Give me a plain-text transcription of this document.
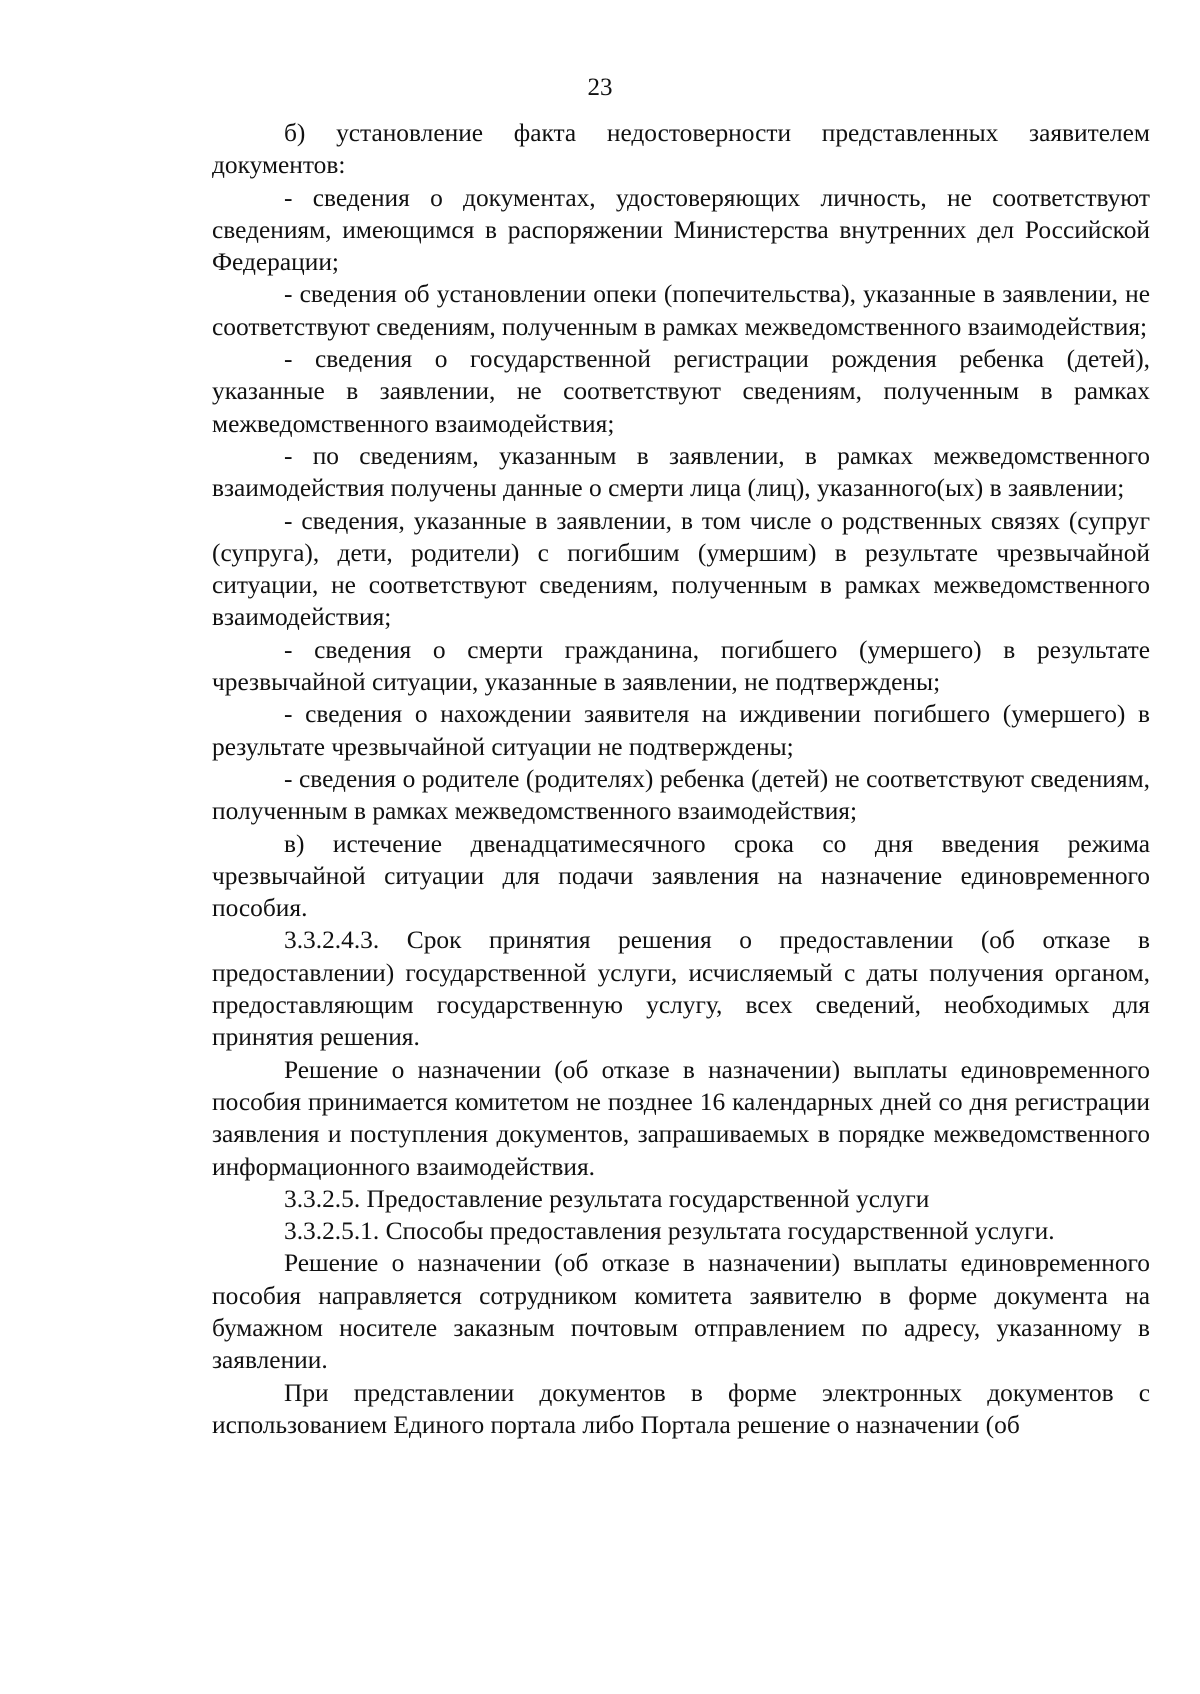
23

б) установление факта недостоверности представленных заявителем документов:

- сведения о документах, удостоверяющих личность, не соответствуют сведениям, имеющимся в распоряжении Министерства внутренних дел Российской Федерации;

- сведения об установлении опеки (попечительства), указанные в заявлении, не соответствуют сведениям, полученным в рамках межведомственного взаимодействия;

- сведения о государственной регистрации рождения ребенка (детей), указанные в заявлении, не соответствуют сведениям, полученным в рамках межведомственного взаимодействия;

- по сведениям, указанным в заявлении, в рамках межведомственного взаимодействия получены данные о смерти лица (лиц), указанного(ых) в заявлении;

- сведения, указанные в заявлении, в том числе о родственных связях (супруг (супруга), дети, родители) с погибшим (умершим) в результате чрезвычайной ситуации, не соответствуют сведениям, полученным в рамках межведомственного взаимодействия;

- сведения о смерти гражданина, погибшего (умершего) в результате чрезвычайной ситуации, указанные в заявлении, не подтверждены;

- сведения о нахождении заявителя на иждивении погибшего (умершего) в результате чрезвычайной ситуации не подтверждены;

- сведения о родителе (родителях) ребенка (детей) не соответствуют сведениям, полученным в рамках межведомственного взаимодействия;

в) истечение двенадцатимесячного срока со дня введения режима чрезвычайной ситуации для подачи заявления на назначение единовременного пособия.

3.3.2.4.3. Срок принятия решения о предоставлении (об отказе в предоставлении) государственной услуги, исчисляемый с даты получения органом, предоставляющим государственную услугу, всех сведений, необходимых для принятия решения.

Решение о назначении (об отказе в назначении) выплаты единовременного пособия принимается комитетом не позднее 16 календарных дней со дня регистрации заявления и поступления документов, запрашиваемых в порядке межведомственного информационного взаимодействия.

3.3.2.5. Предоставление результата государственной услуги

3.3.2.5.1. Способы предоставления результата государственной услуги.

Решение о назначении (об отказе в назначении) выплаты единовременного пособия направляется сотрудником комитета заявителю в форме документа на бумажном носителе заказным почтовым отправлением по адресу, указанному в заявлении.

При представлении документов в форме электронных документов с использованием Единого портала либо Портала решение о назначении (об
